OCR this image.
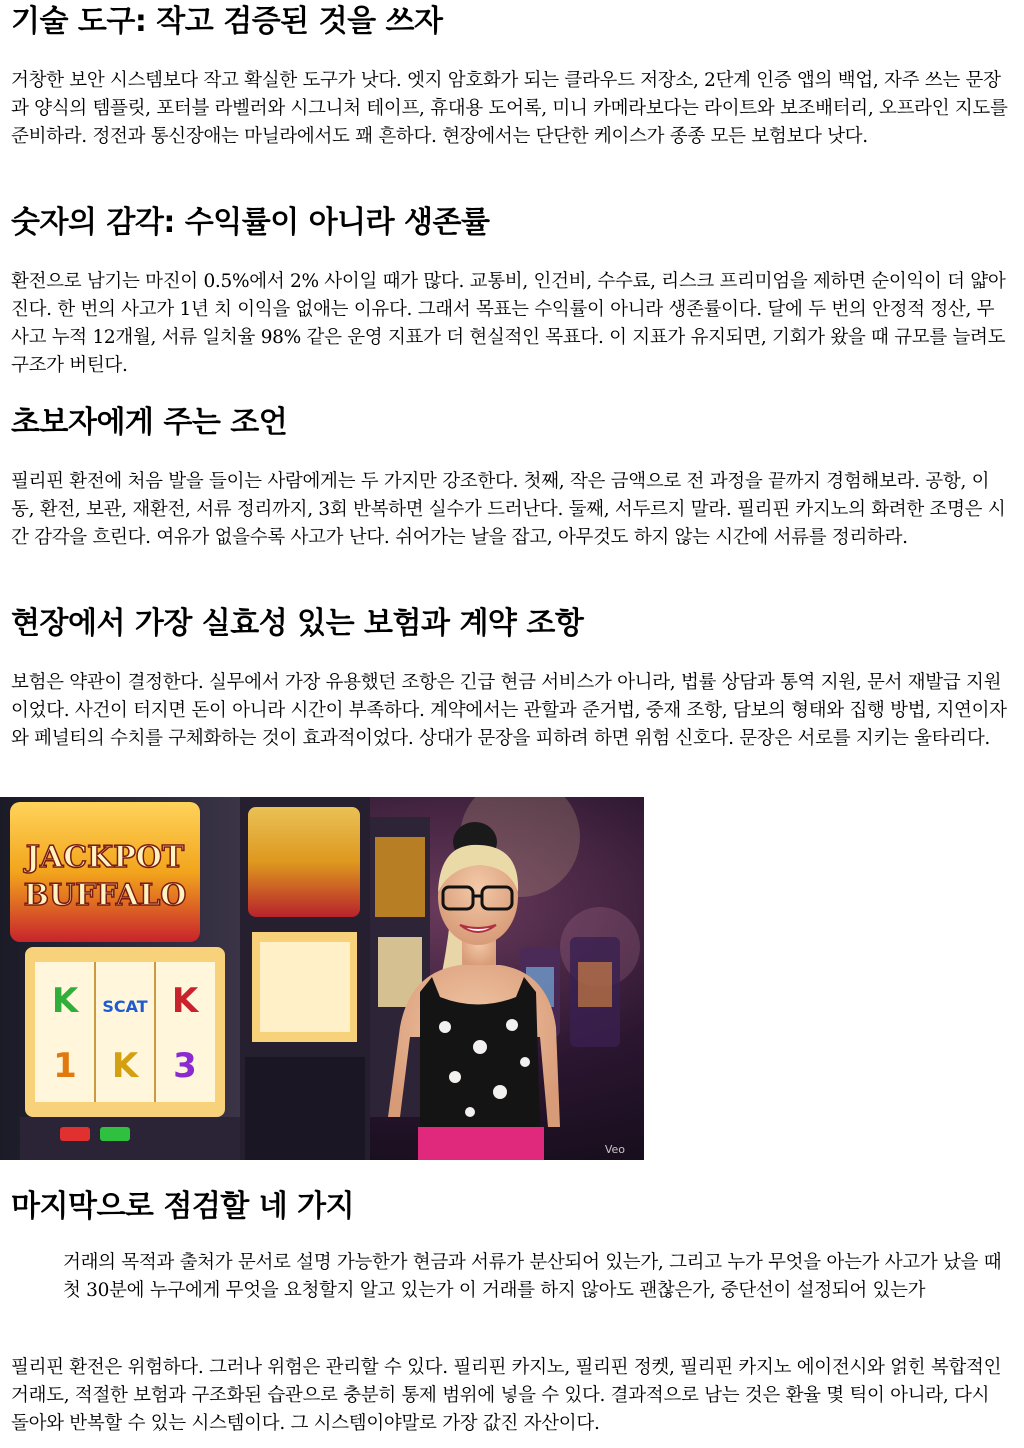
기술 도구: 작고 검증된 것을 쓰자

거창한 보안 시스템보다 작고 확실한 도구가 낫다. 엣지 암호화가 되는 클라우드 저장소, 2단계 인증 앱의 백업, 자주 쓰는 문장과 양식의 템플릿, 포터블 라벨러와 시그니처 테이프, 휴대용 도어록, 미니 카메라보다는 라이트와 보조배터리, 오프라인 지도를 준비하라. 정전과 통신장애는 마닐라에서도 꽤 흔하다. 현장에서는 단단한 케이스가 종종 모든 보험보다 낫다.

숫자의 감각: 수익률이 아니라 생존률

환전으로 남기는 마진이 0.5%에서 2% 사이일 때가 많다. 교통비, 인건비, 수수료, 리스크 프리미엄을 제하면 순이익이 더 얇아진다. 한 번의 사고가 1년 치 이익을 없애는 이유다. 그래서 목표는 수익률이 아니라 생존률이다. 달에 두 번의 안정적 정산, 무사고 누적 12개월, 서류 일치율 98% 같은 운영 지표가 더 현실적인 목표다. 이 지표가 유지되면, 기회가 왔을 때 규모를 늘려도 구조가 버틴다.

초보자에게 주는 조언

필리핀 환전에 처음 발을 들이는 사람에게는 두 가지만 강조한다. 첫째, 작은 금액으로 전 과정을 끝까지 경험해보라. 공항, 이동, 환전, 보관, 재환전, 서류 정리까지, 3회 반복하면 실수가 드러난다. 둘째, 서두르지 말라. 필리핀 카지노의 화려한 조명은 시간 감각을 흐린다. 여유가 없을수록 사고가 난다. 쉬어가는 날을 잡고, 아무것도 하지 않는 시간에 서류를 정리하라.

현장에서 가장 실효성 있는 보험과 계약 조항

보험은 약관이 결정한다. 실무에서 가장 유용했던 조항은 긴급 현금 서비스가 아니라, 법률 상담과 통역 지원, 문서 재발급 지원이었다. 사건이 터지면 돈이 아니라 시간이 부족하다. 계약에서는 관할과 준거법, 중재 조항, 담보의 형태와 집행 방법, 지연이자와 페널티의 수치를 구체화하는 것이 효과적이었다. 상대가 문장을 피하려 하면 위험 신호다. 문장은 서로를 지키는 울타리다.

JACKPOT
BUFFALO
K SCAT K
1 K 3
Veo
마지막으로 점검할 네 가지
거래의 목적과 출처가 문서로 설명 가능한가 현금과 서류가 분산되어 있는가, 그리고 누가 무엇을 아는가 사고가 났을 때 첫 30분에 누구에게 무엇을 요청할지 알고 있는가 이 거래를 하지 않아도 괜찮은가, 중단선이 설정되어 있는가

필리핀 환전은 위험하다. 그러나 위험은 관리할 수 있다. 필리핀 카지노, 필리핀 정켓, 필리핀 카지노 에이전시와 얽힌 복합적인 거래도, 적절한 보험과 구조화된 습관으로 충분히 통제 범위에 넣을 수 있다. 결과적으로 남는 것은 환율 몇 틱이 아니라, 다시 돌아와 반복할 수 있는 시스템이다. 그 시스템이야말로 가장 값진 자산이다.
